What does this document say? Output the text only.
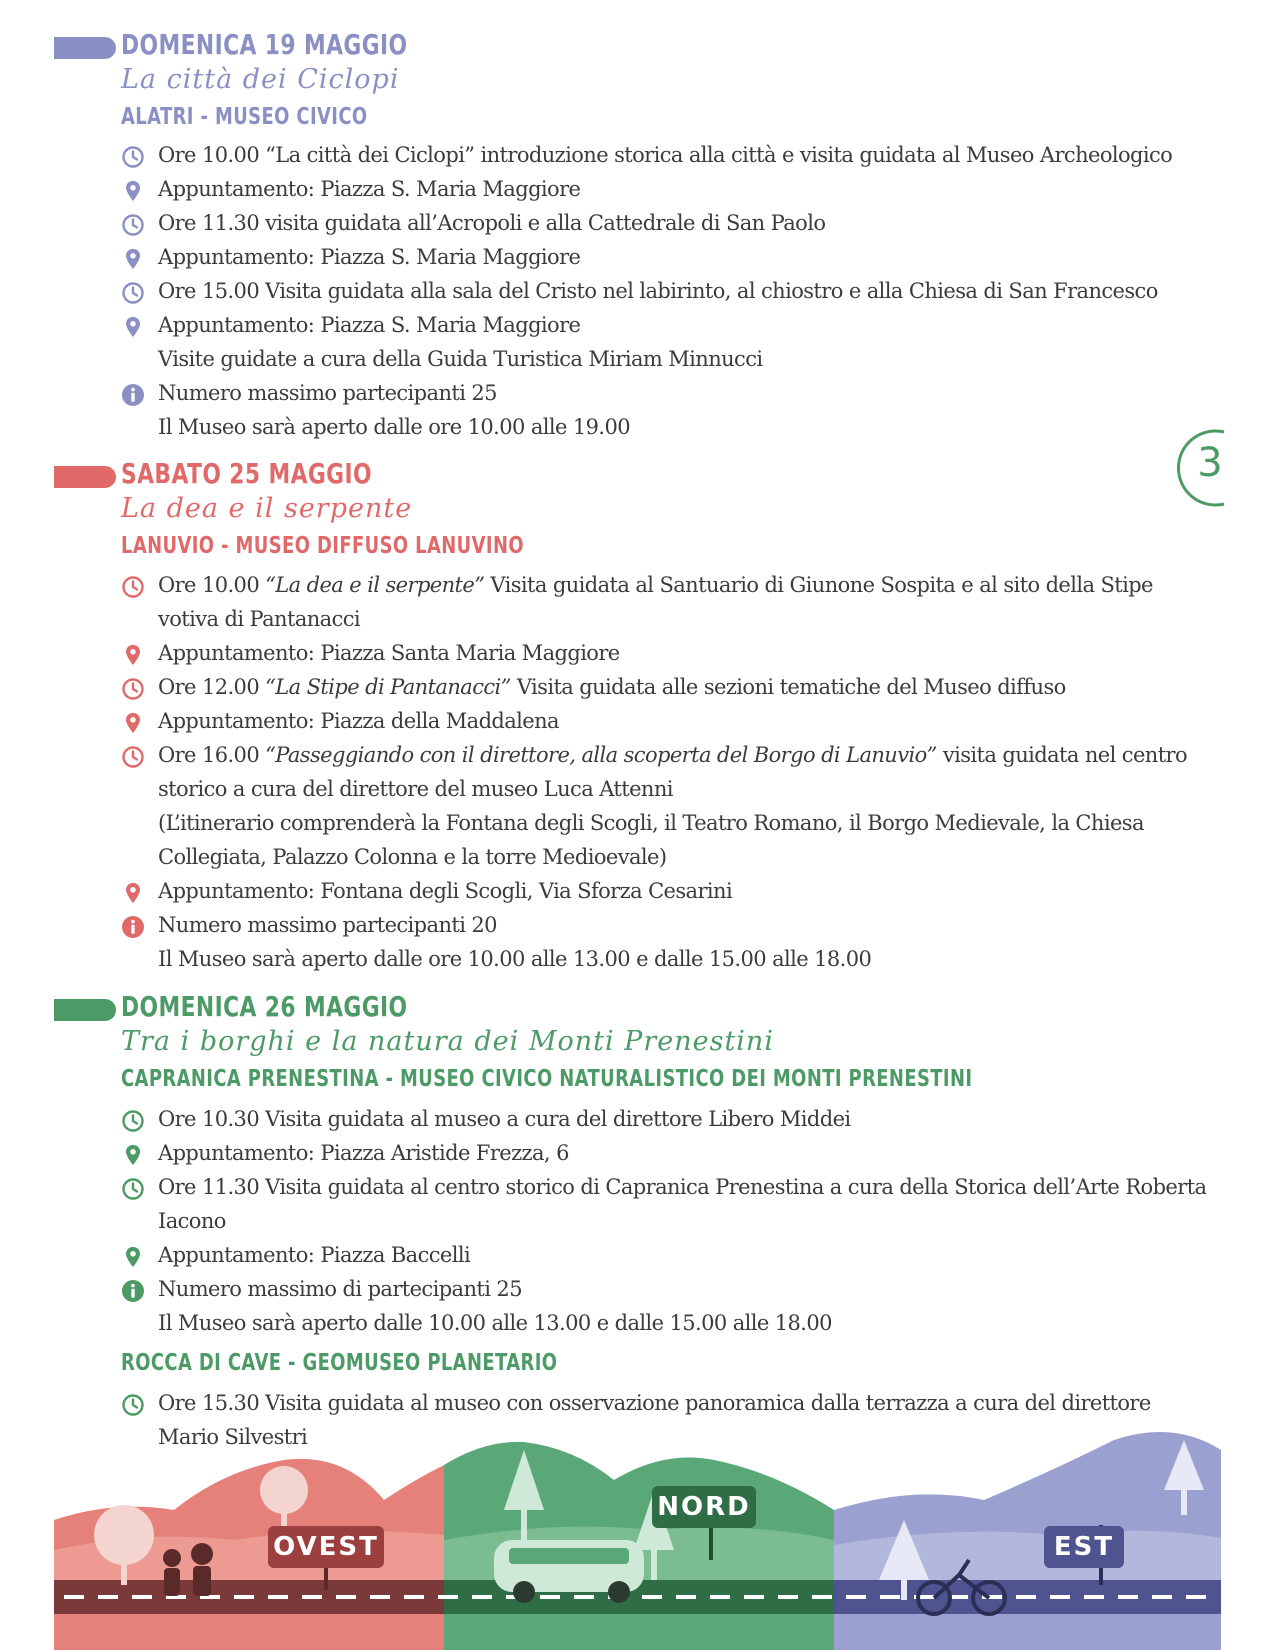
DOMENICA 19 MAGGIO
La città dei Ciclopi
ALATRI - MUSEO CIVICO
Ore 10.00 “La città dei Ciclopi” introduzione storica alla città e visita guidata al Museo Archeologico
Appuntamento: Piazza S. Maria Maggiore
Ore 11.30 visita guidata all’Acropoli e alla Cattedrale di San Paolo
Appuntamento: Piazza S. Maria Maggiore
Ore 15.00 Visita guidata alla sala del Cristo nel labirinto, al chiostro e alla Chiesa di San Francesco
Appuntamento: Piazza S. Maria Maggiore
Visite guidate a cura della Guida Turistica Miriam Minnucci
Numero massimo partecipanti 25
Il Museo sarà aperto dalle ore 10.00 alle 19.00
3
SABATO 25 MAGGIO
La dea e il serpente
LANUVIO - MUSEO DIFFUSO LANUVINO
Ore 10.00 “La dea e il serpente” Visita guidata al Santuario di Giunone Sospita e al sito della Stipe votiva di Pantanacci
Appuntamento: Piazza Santa Maria Maggiore
Ore 12.00 “La Stipe di Pantanacci” Visita guidata alle sezioni tematiche del Museo diffuso
Appuntamento: Piazza della Maddalena
Ore 16.00 “Passeggiando con il direttore, alla scoperta del Borgo di Lanuvio” visita guidata nel centro storico a cura del direttore del museo Luca Attenni
(L’itinerario comprenderà la Fontana degli Scogli, il Teatro Romano, il Borgo Medievale, la Chiesa Collegiata, Palazzo Colonna e la torre Medioevale)
Appuntamento: Fontana degli Scogli, Via Sforza Cesarini
Numero massimo partecipanti 20
Il Museo sarà aperto dalle ore 10.00 alle 13.00 e dalle 15.00 alle 18.00
DOMENICA 26 MAGGIO
Tra i borghi e la natura dei Monti Prenestini
CAPRANICA PRENESTINA - MUSEO CIVICO NATURALISTICO DEI MONTI PRENESTINI
Ore 10.30 Visita guidata al museo a cura del direttore Libero Middei
Appuntamento: Piazza Aristide Frezza, 6
Ore 11.30 Visita guidata al centro storico di Capranica Prenestina a cura della Storica dell’Arte Roberta Iacono
Appuntamento: Piazza Baccelli
Numero massimo di partecipanti 25
Il Museo sarà aperto dalle 10.00 alle 13.00 e dalle 15.00 alle 18.00
ROCCA DI CAVE - GEOMUSEO PLANETARIO
Ore 15.30 Visita guidata al museo con osservazione panoramica dalla terrazza a cura del direttore Mario Silvestri
OVEST
NORD
EST
